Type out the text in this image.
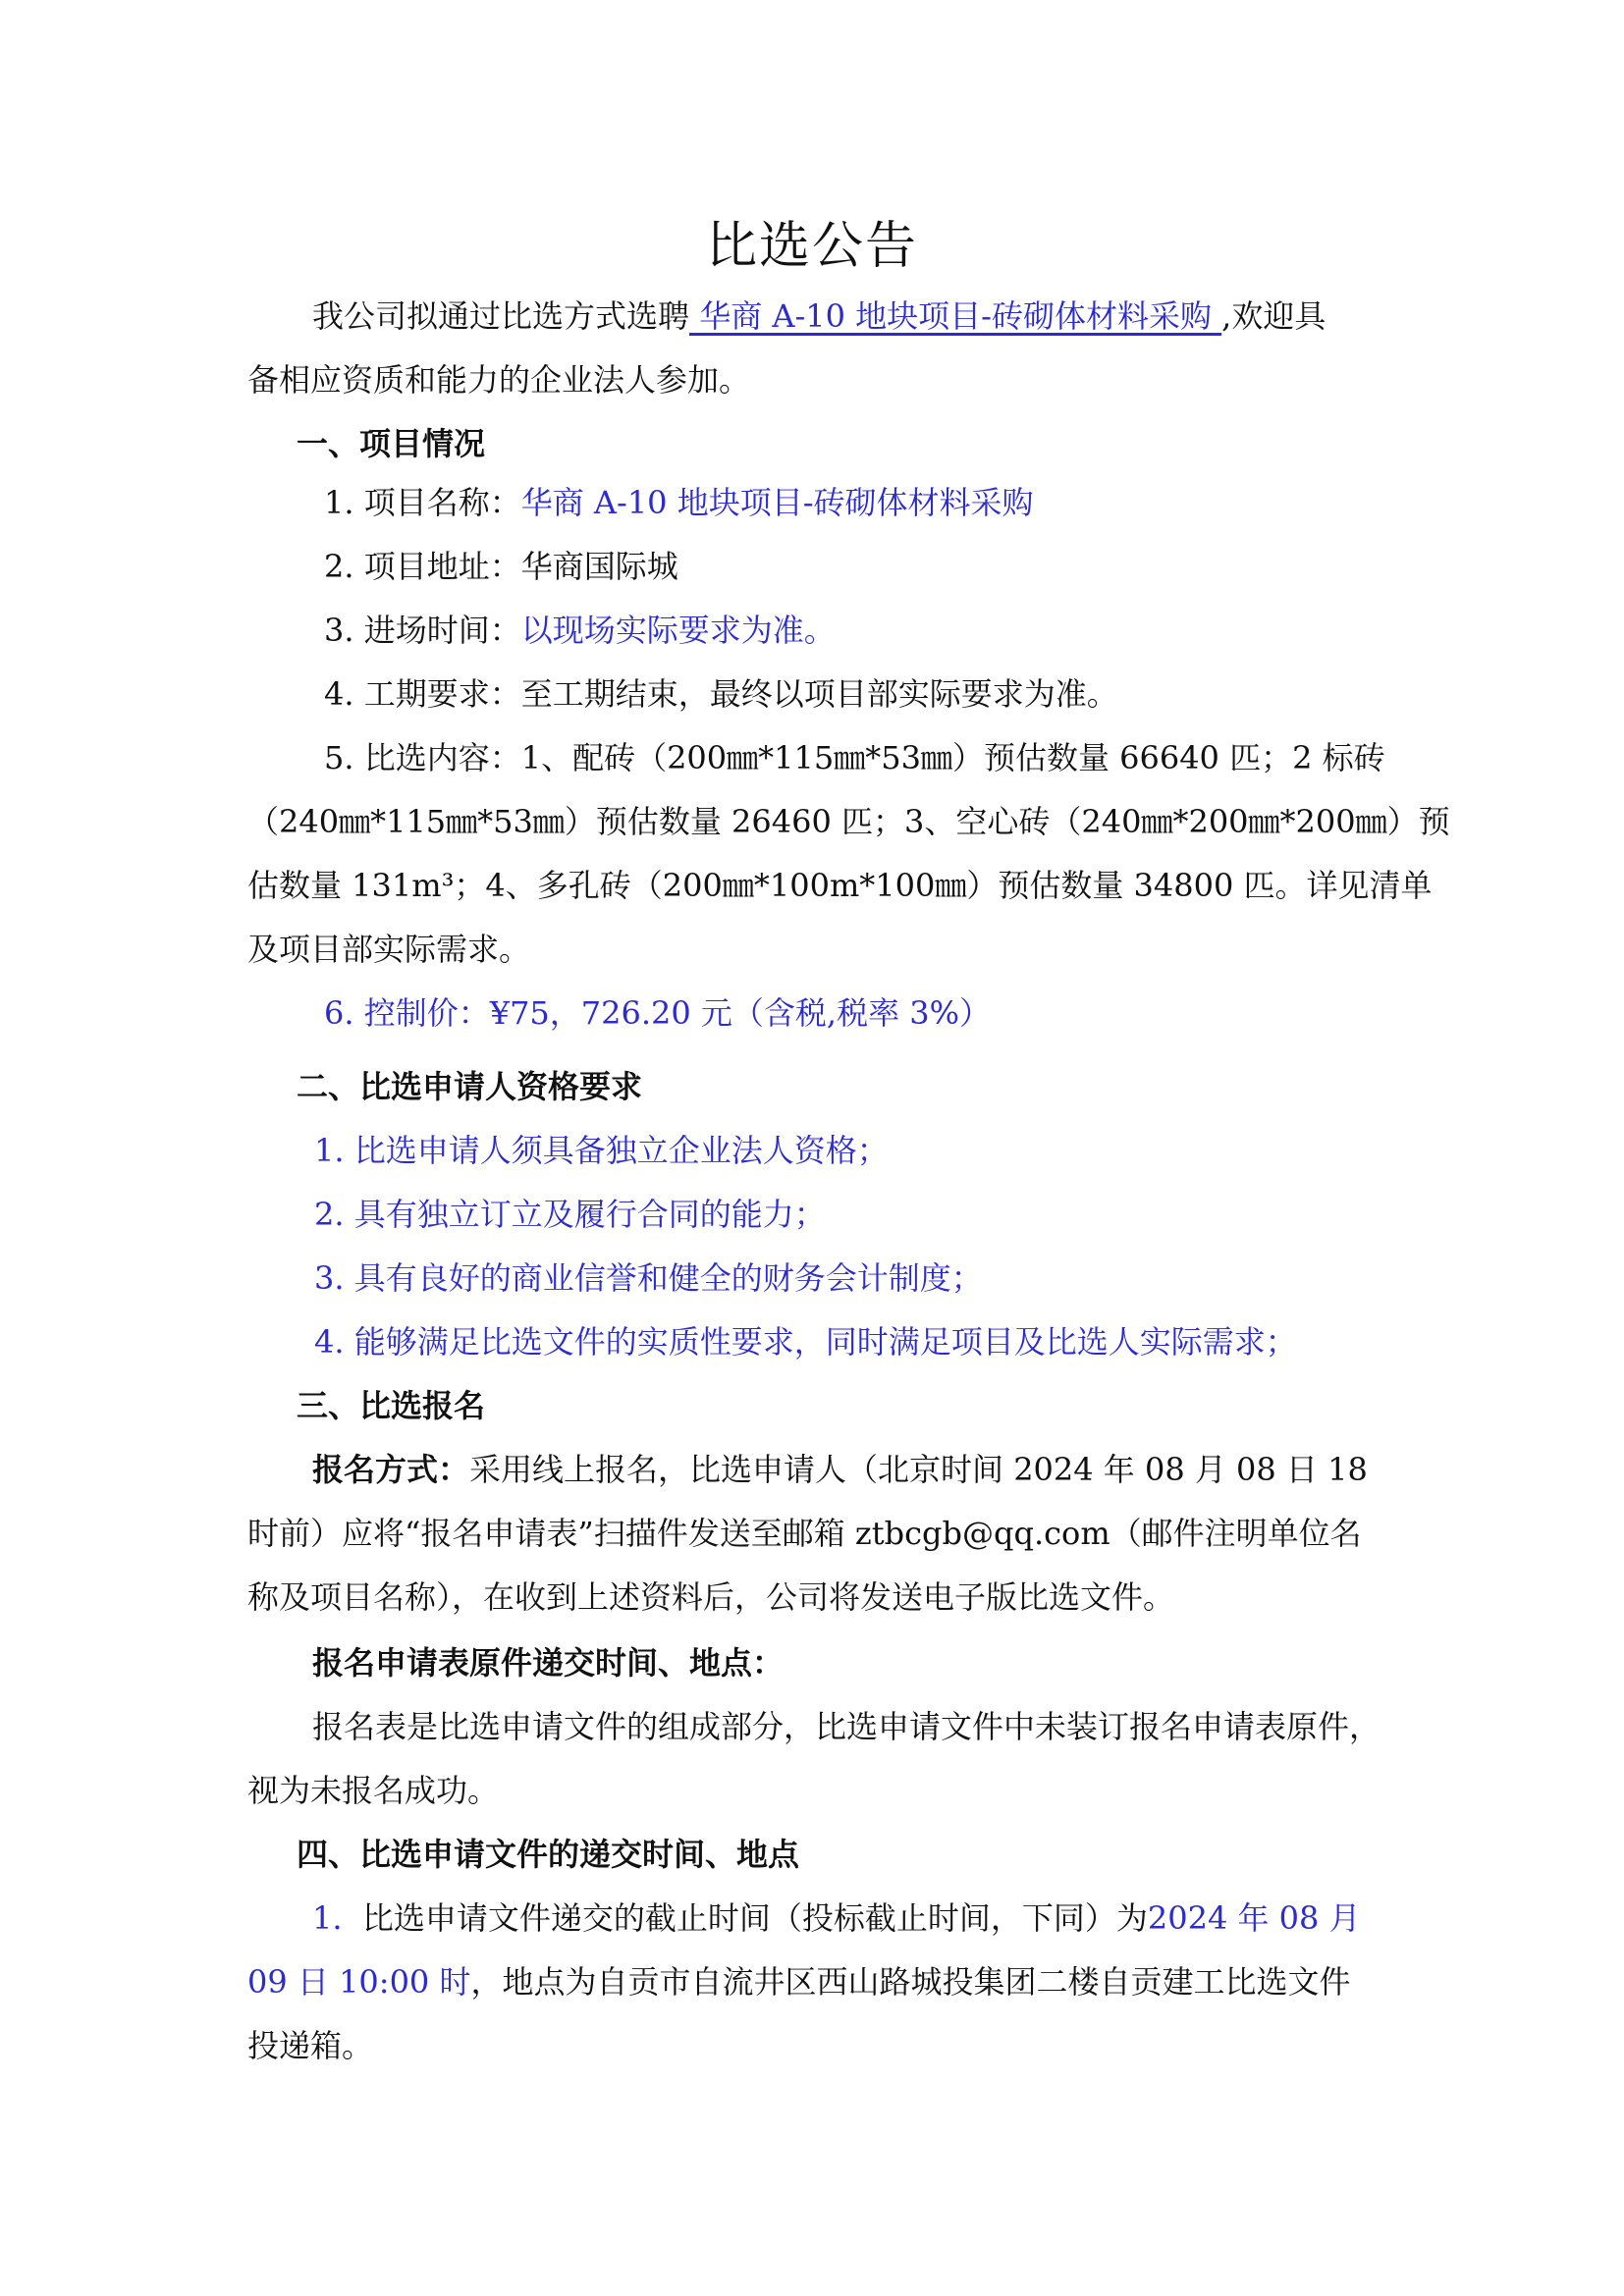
比选公告
我公司拟通过比选方式选聘 华商 A-10 地块项目-砖砌体材料采购 ,欢迎具
备相应资质和能力的企业法人参加。
一、项目情况
1. 项目名称：华商 A-10 地块项目-砖砌体材料采购
2. 项目地址：华商国际城
3. 进场时间：以现场实际要求为准。
4. 工期要求：至工期结束，最终以项目部实际要求为准。
5. 比选内容：1、配砖（200㎜*115㎜*53㎜）预估数量 66640 匹；2 标砖
（240㎜*115㎜*53㎜）预估数量 26460 匹；3、空心砖（240㎜*200㎜*200㎜）预
估数量 131m³；4、多孔砖（200㎜*100m*100㎜）预估数量 34800 匹。详见清单
及项目部实际需求。
6. 控制价：¥75，726.20 元（含税,税率 3%）
二、比选申请人资格要求
1. 比选申请人须具备独立企业法人资格；
2. 具有独立订立及履行合同的能力；
3. 具有良好的商业信誉和健全的财务会计制度；
4. 能够满足比选文件的实质性要求，同时满足项目及比选人实际需求；
三、比选报名
报名方式：采用线上报名，比选申请人（北京时间 2024 年 08 月 08 日 18
时前）应将“报名申请表”扫描件发送至邮箱 ztbcgb@qq.com（邮件注明单位名
称及项目名称），在收到上述资料后，公司将发送电子版比选文件。
报名申请表原件递交时间、地点：
报名表是比选申请文件的组成部分，比选申请文件中未装订报名申请表原件，
视为未报名成功。
四、比选申请文件的递交时间、地点
1. 比选申请文件递交的截止时间（投标截止时间，下同）为2024 年 08 月
09 日 10:00 时，地点为自贡市自流井区西山路城投集团二楼自贡建工比选文件
投递箱。
